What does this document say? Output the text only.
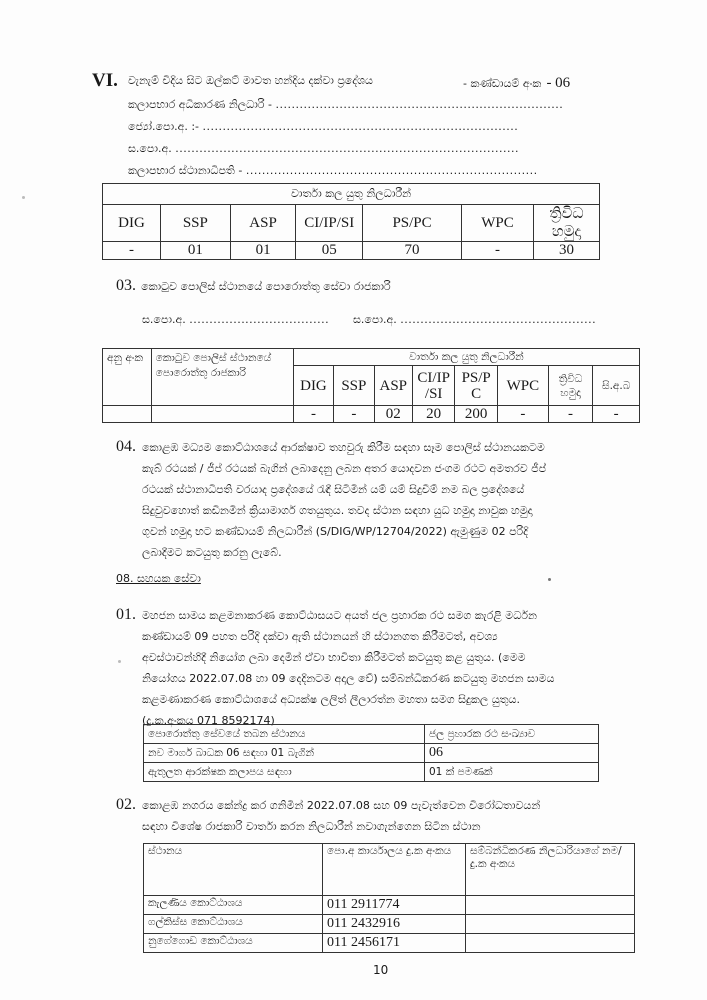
VI. වැනැම් වීදිය සිට ඔල්කට් මාවත හන්දිය දක්වා ප්‍රදේශය	- කණ්ඩායම් අංක - 06
කලාපභාර අධිකාරණ නිලධාරි - ........................................................................
ජ්‍යෝ.පො.අ. :- ...............................................................................
ස.පො.අ. ......................................................................................
කලාපභාර ස්ථානාධිපති - .........................................................................
වාර්තා කල යුතු නිලධාරීන්						
DIG	SSP	ASP	CI/IP/SI	PS/PC	WPC	ත්‍රිවිධ හමුදා
-	01	01	05	70	-	30
03. කොටුව පොලිස් ස්ථානයේ පොරොත්තු සේවා රාජකාරි
ස.පො.අ. ................................... ස.පො.අ. .................................................
අනු අංක	කොටුව පොලිස් ස්ථානයේ පොරොත්තු රාජකාරි	වාර්තා කල යුතු නිලධාරීන්							
		DIG	SSP	ASP	CI/IP /SI	PS/P C	WPC	ත්‍රිවිධ හමුදා	සි.අ.බ
		-	-	02	20	200	-	-	-
04. කොළඹ මධ්‍යම කොට්ඨාශයේ ආරක්ෂාව තහවුරු කිරීම සඳහා සෑම පොලිස් ස්ථානයකටම
කැබ් රථයක් / ජීප් රථයක් බැගින් ලබාදෙනු ලබන අතර යොදවන ජංගම රථට අමතරව ජීප්
රථයක් ස්ථානාධිපති වරයාද ප්‍රදේශයේ රැඳී සිටිමින් යම් යම් සිදුවීම් නම බල ප්‍රදේශයේ
සිදුවුවහොත් කඩිනමින් ක්‍රියාමාර්ග ගතයුතුය. තවද ස්ථාන සඳහා යුධ හමුදා නාවුක හමුදා
ගුවන් හමුදා භට කණ්ඩායම් නිලධාරීන් (S/DIG/WP/12704/2022) ඇමුණුම 02 පරිදි
ලබාදීමට කටයුතු කරනු ලැබේ.
08. සහයක සේවා
01. මහජන සාමය කළමනාකරණ කොට්ඨාසයට අයත් ජල ප්‍රහාරක රථ සමග කැරළි මර්ධන
කණ්ඩායම් 09 පහත පරිදි දක්වා ඇති ස්ථානයන් හි ස්ථානගත කිරීමටත්, අවශ්‍ය
අවස්ථාවන්හිදී නියෝග ලබා දෙමින් ඒවා භාවිතා කිරීමටත් කටයුතු කළ යුතුය. (මෙම
නියෝගය 2022.07.08 හා 09 දෙදිනටම අදාල වේ) සම්බන්ධිකරණ කටයුතු මහජන සාමය
කළමණාකරණ කොට්ඨාශයේ අධ්‍යක්ෂ ලලිත් ලීලාරත්න මහතා සමග සිදුකල යුතුය.
(දු.ක.අංකය 071 8592174)
පොරොත්තු සේවයේ තබන ස්ථානය	ජල ප්‍රහාරක රථ සංඛ්‍යාව
නව මාර්ග බාධක 06 සඳහා 01 බැගින්	06
ඇතුලත ආරක්ෂක කලාපය සඳහා	01 ක් පමණක්
02. කොළඹ නගරය කේන්ද්‍ර කර ගනිමින් 2022.07.08 සහ 09 පැවැත්වෙන විරෝධතාවයන්
සඳහා විශේෂ රාජකාරි වාර්තා කරන නිලධාරීන් නවාගැන්ගෙන සිටින ස්ථාන
ස්ථානය	පො.අ කාර්යාලය දු.ක අංකය	සම්බන්ධිකරණ නිලධාරියාගේ නම/ දු.ක අංකය
කැලණිය කොට්ඨාශය	011 2911774	
ගල්කිස්ස කොට්ඨාශය	011 2432916	
නුගේගොඩ කොට්ඨාශය	011 2456171	
10
